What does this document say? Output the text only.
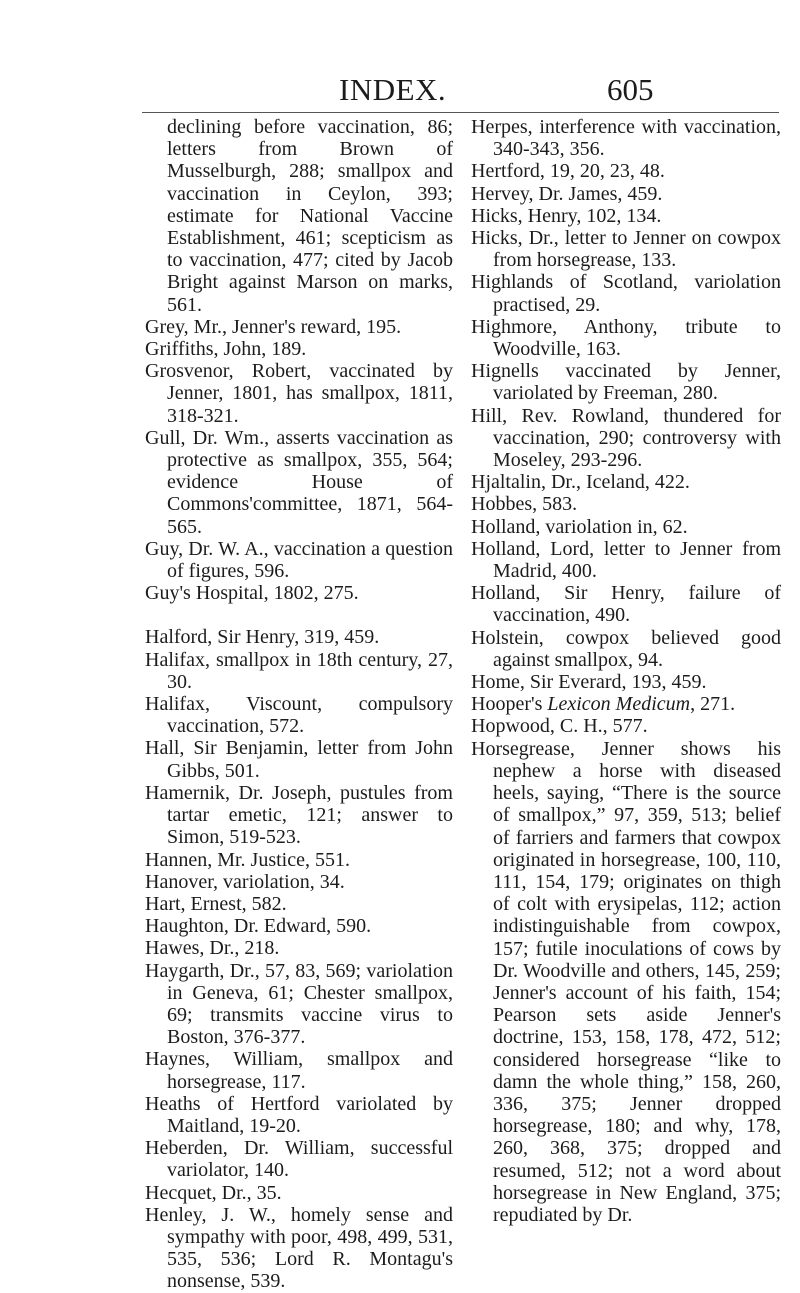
INDEX.	605

declining before vaccination, 86; letters from Brown of Musselburgh, 288; smallpox and vaccination in Ceylon, 393; estimate for National Vaccine Establishment, 461; scepticism as to vaccination, 477; cited by Jacob Bright against Marson on marks, 561.

Grey, Mr., Jenner's reward, 195.

Griffiths, John, 189.

Grosvenor, Robert, vaccinated by Jenner, 1801, has smallpox, 1811, 318-321.

Gull, Dr. Wm., asserts vaccination as protective as smallpox, 355, 564; evidence House of Commons'committee, 1871, 564-565.

Guy, Dr. W. A., vaccination a question of figures, 596.

Guy's Hospital, 1802, 275.

Halford, Sir Henry, 319, 459.

Halifax, smallpox in 18th century, 27, 30.

Halifax, Viscount, compulsory vaccination, 572.

Hall, Sir Benjamin, letter from John Gibbs, 501.

Hamernik, Dr. Joseph, pustules from tartar emetic, 121; answer to Simon, 519-523.

Hannen, Mr. Justice, 551.

Hanover, variolation, 34.

Hart, Ernest, 582.

Haughton, Dr. Edward, 590.

Hawes, Dr., 218.

Haygarth, Dr., 57, 83, 569; variolation in Geneva, 61; Chester smallpox, 69; transmits vaccine virus to Boston, 376-377.

Haynes, William, smallpox and horsegrease, 117.

Heaths of Hertford variolated by Maitland, 19-20.

Heberden, Dr. William, successful variolator, 140.

Hecquet, Dr., 35.

Henley, J. W., homely sense and sympathy with poor, 498, 499, 531, 535, 536; Lord R. Montagu's nonsense, 539.

Herpes, interference with vaccination, 340-343, 356.

Hertford, 19, 20, 23, 48.

Hervey, Dr. James, 459.

Hicks, Henry, 102, 134.

Hicks, Dr., letter to Jenner on cowpox from horsegrease, 133.

Highlands of Scotland, variolation practised, 29.

Highmore, Anthony, tribute to Woodville, 163.

Hignells vaccinated by Jenner, variolated by Freeman, 280.

Hill, Rev. Rowland, thundered for vaccination, 290; controversy with Moseley, 293-296.

Hjaltalin, Dr., Iceland, 422.

Hobbes, 583.

Holland, variolation in, 62.

Holland, Lord, letter to Jenner from Madrid, 400.

Holland, Sir Henry, failure of vaccination, 490.

Holstein, cowpox believed good against smallpox, 94.

Home, Sir Everard, 193, 459.

Hooper's Lexicon Medicum, 271.

Hopwood, C. H., 577.

Horsegrease, Jenner shows his nephew a horse with diseased heels, saying, “There is the source of smallpox,” 97, 359, 513; belief of farriers and farmers that cowpox originated in horsegrease, 100, 110, 111, 154, 179; originates on thigh of colt with erysipelas, 112; action indistinguishable from cowpox, 157; futile inoculations of cows by Dr. Woodville and others, 145, 259; Jenner's account of his faith, 154; Pearson sets aside Jenner's doctrine, 153, 158, 178, 472, 512; considered horsegrease “like to damn the whole thing,” 158, 260, 336, 375; Jenner dropped horsegrease, 180; and why, 178, 260, 368, 375; dropped and resumed, 512; not a word about horsegrease in New England, 375; repudiated by Dr.
